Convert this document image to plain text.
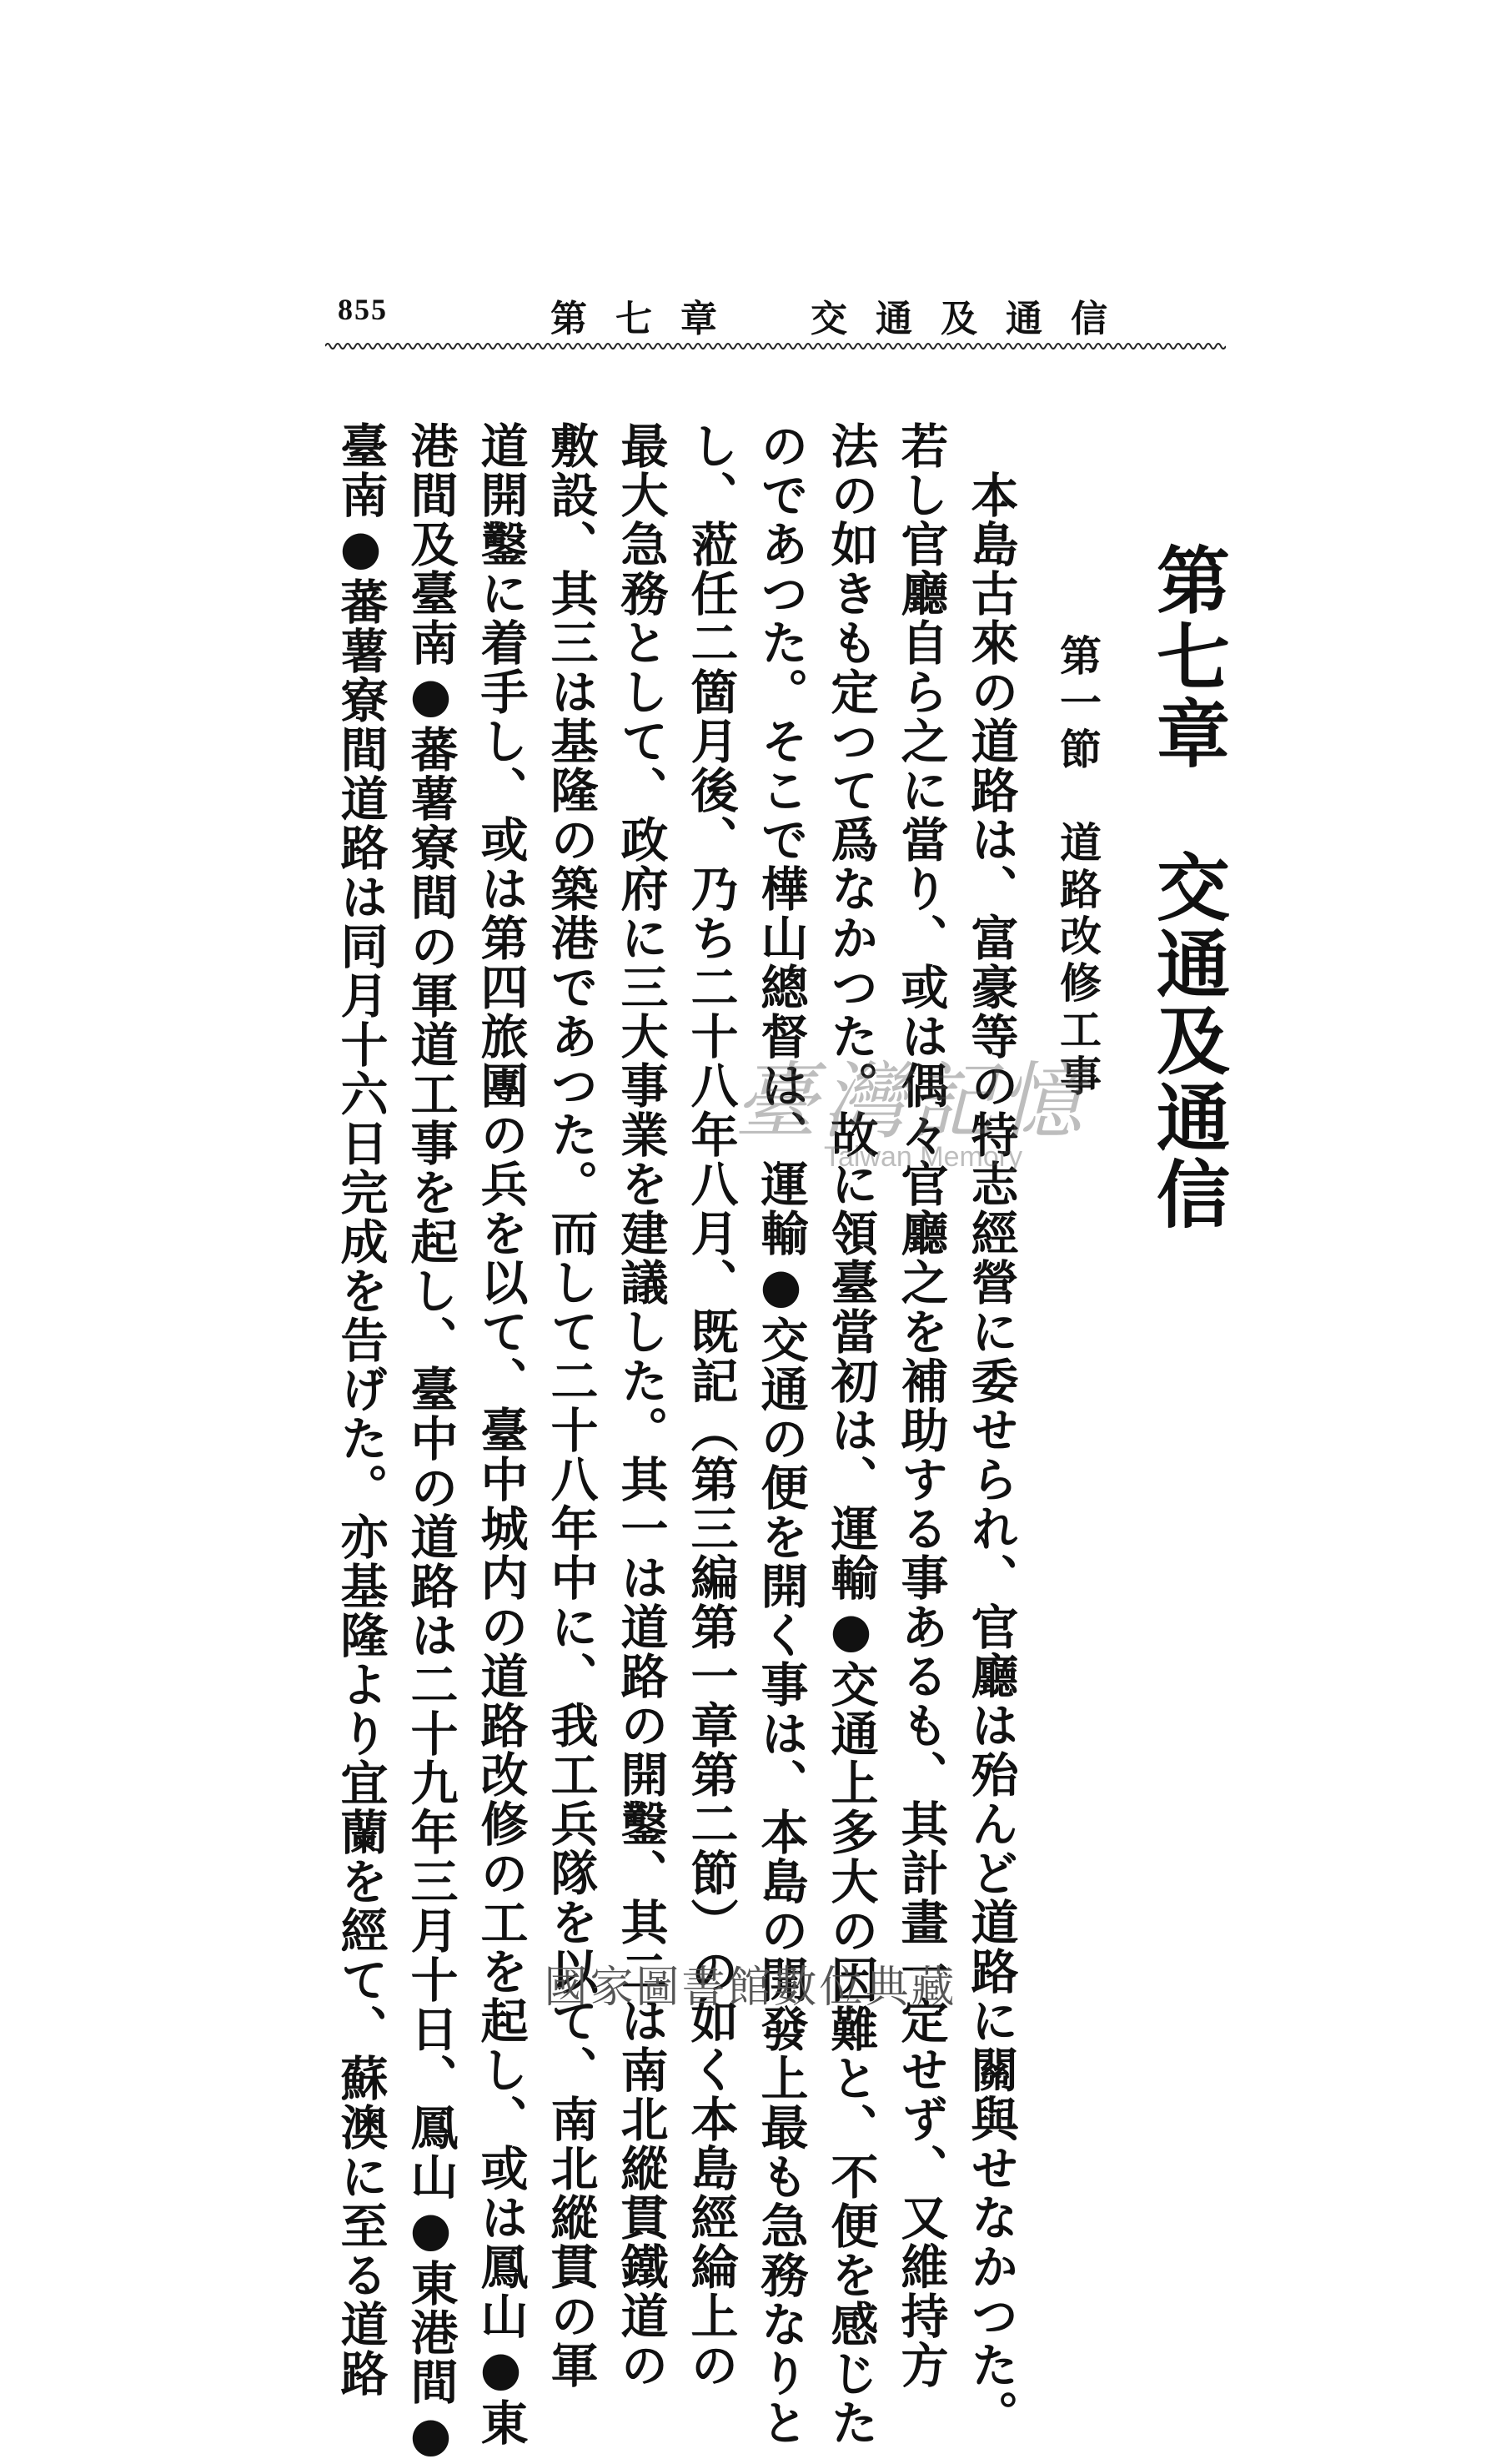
855	第七章　交通及通信
第七章　交通及通信
第一節　道路改修工事
　本島古來の道路は、富豪等の特志經營に委せられ、官廳は殆んど道路に關與せなかつた。
若し官廳自ら之に當り、或は偶々官廳之を補助する事あるも、其計畫一定せず、又維持方
法の如きも定つて爲なかつた。故に領臺當初は、運輸●交通上多大の因難と、不便を感じた
のであつた。そこで樺山總督は、運輸●交通の便を開く事は、本島の開發上最も急務なりと
し、蒞任二箇月後、乃ち二十八年八月、既記（第三編第一章第二節）の如く本島經綸上の
最大急務として、政府に三大事業を建議した。其一は道路の開鑿、其二は南北縱貫鐵道の
敷設、其三は基隆の築港であつた。而して二十八年中に、我工兵隊を以て、南北縱貫の軍
道開鑿に着手し、或は第四旅團の兵を以て、臺中城内の道路改修の工を起し、或は鳳山●東
港間及臺南●蕃薯寮間の軍道工事を起し、臺中の道路は二十九年三月十日、鳳山●東港間●
臺南●蕃薯寮間道路は同月十六日完成を告げた。亦基隆より宜蘭を經て、蘇澳に至る道路	臺灣記憶
Taiwan Memory
國家圖書館數位典藏
